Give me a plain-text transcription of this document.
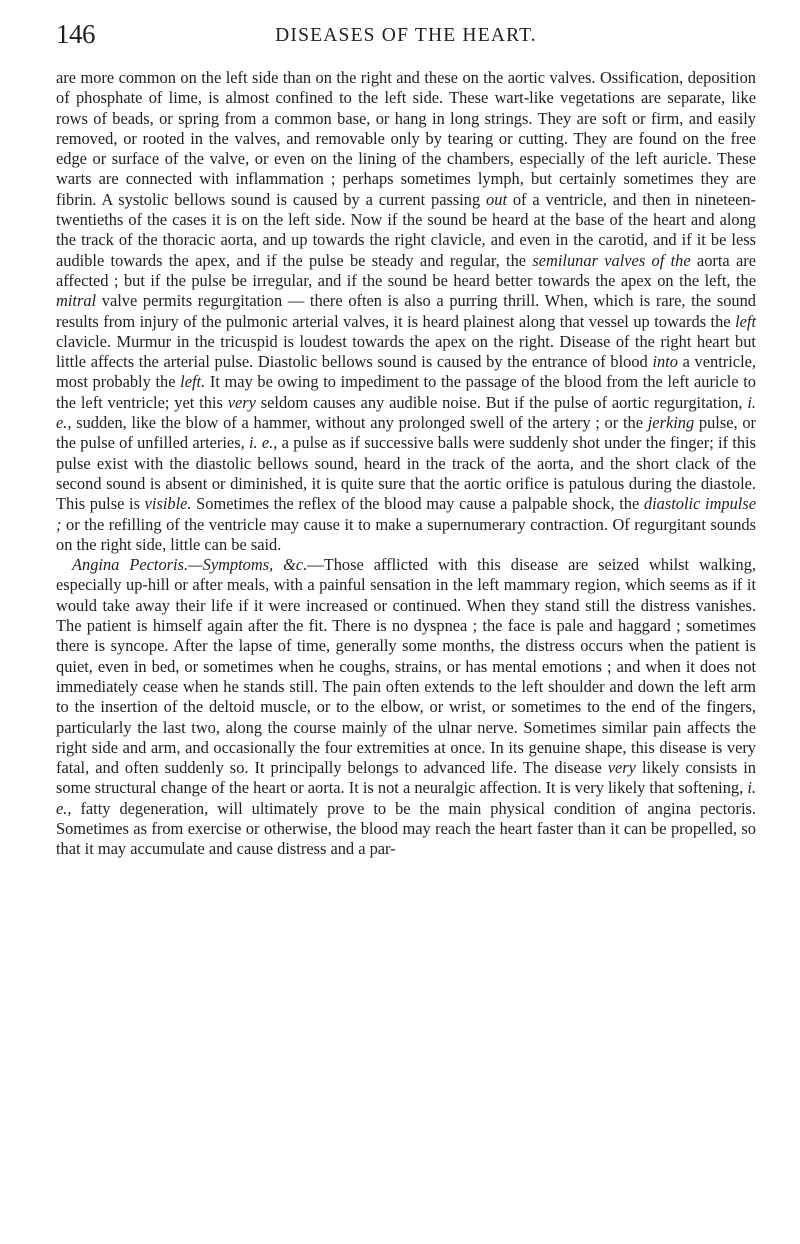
146	DISEASES OF THE HEART.

are more common on the left side than on the right and these on the aortic valves. Ossification, deposition of phosphate of lime, is almost confined to the left side. These wart-like vegetations are separate, like rows of beads, or spring from a common base, or hang in long strings. They are soft or firm, and easily removed, or rooted in the valves, and removable only by tearing or cutting. They are found on the free edge or surface of the valve, or even on the lining of the chambers, especially of the left auricle. These warts are connected with inflammation ; perhaps sometimes lymph, but certainly sometimes they are fibrin. A systolic bellows sound is caused by a current passing out of a ventricle, and then in nineteen-twentieths of the cases it is on the left side. Now if the sound be heard at the base of the heart and along the track of the thoracic aorta, and up towards the right clavicle, and even in the carotid, and if it be less audible towards the apex, and if the pulse be steady and regular, the semilunar valves of the aorta are affected ; but if the pulse be irregular, and if the sound be heard better towards the apex on the left, the mitral valve permits regurgitation — there often is also a purring thrill. When, which is rare, the sound results from injury of the pulmonic arterial valves, it is heard plainest along that vessel up towards the left clavicle. Murmur in the tricuspid is loudest towards the apex on the right. Disease of the right heart but little affects the arterial pulse. Diastolic bellows sound is caused by the entrance of blood into a ventricle, most probably the left. It may be owing to impediment to the passage of the blood from the left auricle to the left ventricle; yet this very seldom causes any audible noise. But if the pulse of aortic regurgitation, i. e., sudden, like the blow of a hammer, without any prolonged swell of the artery ; or the jerking pulse, or the pulse of unfilled arteries, i. e., a pulse as if successive balls were suddenly shot under the finger; if this pulse exist with the diastolic bellows sound, heard in the track of the aorta, and the short clack of the second sound is absent or diminished, it is quite sure that the aortic orifice is patulous during the diastole. This pulse is visible. Sometimes the reflex of the blood may cause a palpable shock, the diastolic impulse ; or the refilling of the ventricle may cause it to make a supernumerary contraction. Of regurgitant sounds on the right side, little can be said.

Angina Pectoris.—Symptoms, &c.—Those afflicted with this disease are seized whilst walking, especially up-hill or after meals, with a painful sensation in the left mammary region, which seems as if it would take away their life if it were increased or continued. When they stand still the distress vanishes. The patient is himself again after the fit. There is no dyspnea ; the face is pale and haggard ; sometimes there is syncope. After the lapse of time, generally some months, the distress occurs when the patient is quiet, even in bed, or sometimes when he coughs, strains, or has mental emotions ; and when it does not immediately cease when he stands still. The pain often extends to the left shoulder and down the left arm to the insertion of the deltoid muscle, or to the elbow, or wrist, or sometimes to the end of the fingers, particularly the last two, along the course mainly of the ulnar nerve. Sometimes similar pain affects the right side and arm, and occasionally the four extremities at once. In its genuine shape, this disease is very fatal, and often suddenly so. It principally belongs to advanced life. The disease very likely consists in some structural change of the heart or aorta. It is not a neuralgic affection. It is very likely that softening, i. e., fatty degeneration, will ultimately prove to be the main physical condition of angina pectoris. Sometimes as from exercise or otherwise, the blood may reach the heart faster than it can be propelled, so that it may accumulate and cause distress and a par-
